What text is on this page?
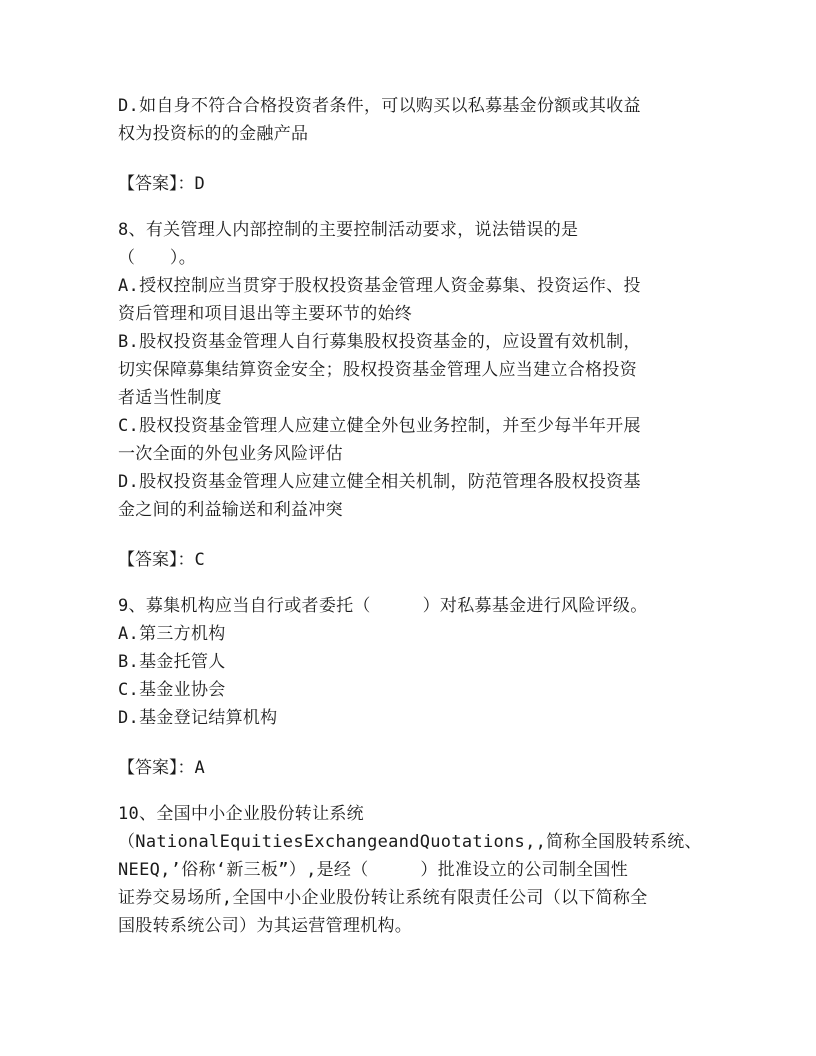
D.如自身不符合合格投资者条件，可以购买以私募基金份额或其收益
权为投资标的的金融产品
【答案】：D
8、有关管理人内部控制的主要控制活动要求，说法错误的是
（　　）。
A.授权控制应当贯穿于股权投资基金管理人资金募集、投资运作、投
资后管理和项目退出等主要环节的始终
B.股权投资基金管理人自行募集股权投资基金的，应设置有效机制，
切实保障募集结算资金安全；股权投资基金管理人应当建立合格投资
者适当性制度
C.股权投资基金管理人应建立健全外包业务控制，并至少每半年开展
一次全面的外包业务风险评估
D.股权投资基金管理人应建立健全相关机制，防范管理各股权投资基
金之间的利益输送和利益冲突
【答案】：C
9、募集机构应当自行或者委托（　　　）对私募基金进行风险评级。
A.第三方机构
B.基金托管人
C.基金业协会
D.基金登记结算机构
【答案】：A
10、全国中小企业股份转让系统
（NationalEquitiesExchangeandQuotations,,简称全国股转系统、
NEEQ,’俗称‘新三板”）,是经（　　　）批准设立的公司制全国性
证券交易场所,全国中小企业股份转让系统有限责任公司（以下简称全
国股转系统公司）为其运营管理机构。
